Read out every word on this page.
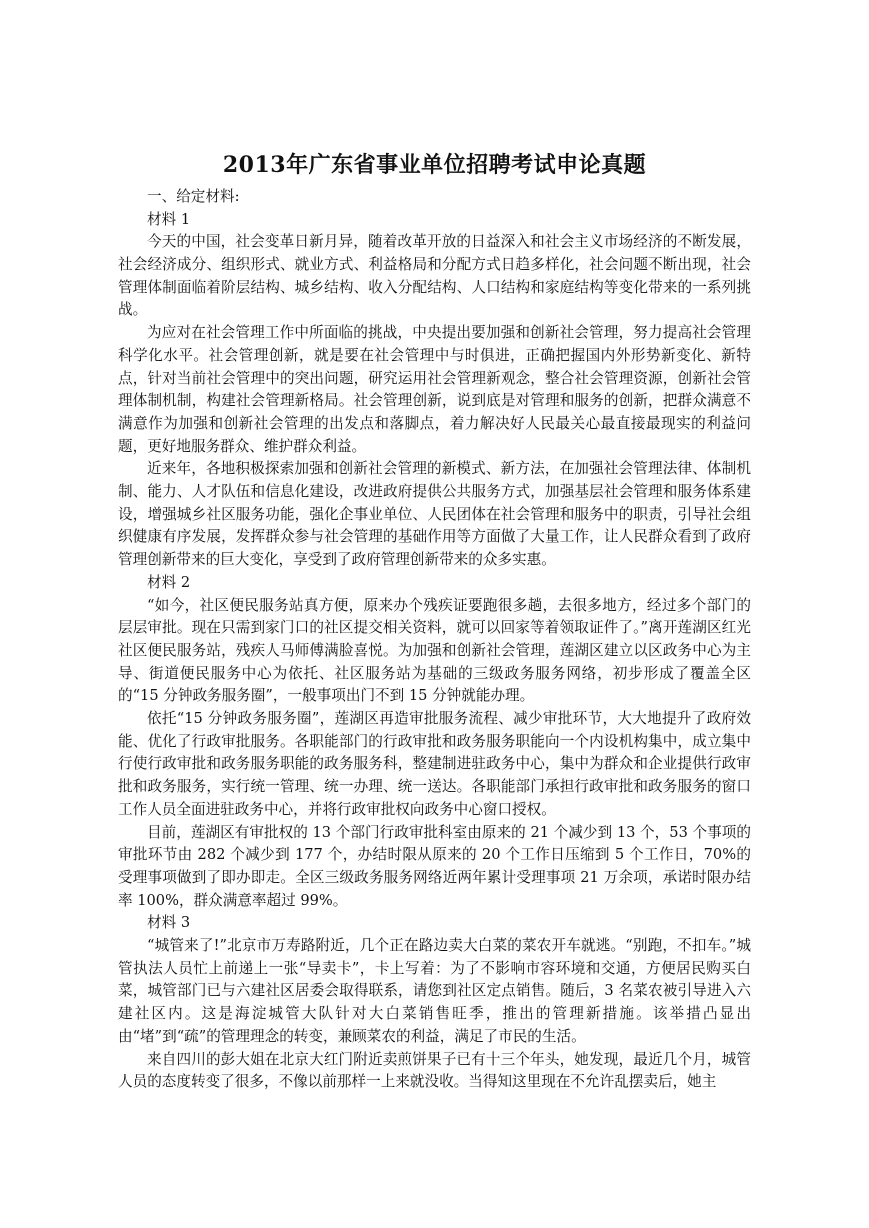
2013年广东省事业单位招聘考试申论真题
一、给定材料:
材料 1

今天的中国，社会变革日新月异，随着改革开放的日益深入和社会主义市场经济的不断发展，社会经济成分、组织形式、就业方式、利益格局和分配方式日趋多样化，社会问题不断出现，社会管理体制面临着阶层结构、城乡结构、收入分配结构、人口结构和家庭结构等变化带来的一系列挑战。

为应对在社会管理工作中所面临的挑战，中央提出要加强和创新社会管理，努力提高社会管理科学化水平。社会管理创新，就是要在社会管理中与时俱进，正确把握国内外形势新变化、新特点，针对当前社会管理中的突出问题，研究运用社会管理新观念，整合社会管理资源，创新社会管理体制机制，构建社会管理新格局。社会管理创新，说到底是对管理和服务的创新，把群众满意不满意作为加强和创新社会管理的出发点和落脚点，着力解决好人民最关心最直接最现实的利益问题，更好地服务群众、维护群众利益。

近来年，各地积极探索加强和创新社会管理的新模式、新方法，在加强社会管理法律、体制机制、能力、人才队伍和信息化建设，改进政府提供公共服务方式，加强基层社会管理和服务体系建设，增强城乡社区服务功能，强化企事业单位、人民团体在社会管理和服务中的职责，引导社会组织健康有序发展，发挥群众参与社会管理的基础作用等方面做了大量工作，让人民群众看到了政府管理创新带来的巨大变化，享受到了政府管理创新带来的众多实惠。

材料 2

“如今，社区便民服务站真方便，原来办个残疾证要跑很多趟，去很多地方，经过多个部门的层层审批。现在只需到家门口的社区提交相关资料，就可以回家等着领取证件了。”离开莲湖区红光社区便民服务站，残疾人马师傅满脸喜悦。为加强和创新社会管理，莲湖区建立以区政务中心为主导、街道便民服务中心为依托、社区服务站为基础的三级政务服务网络，初步形成了覆盖全区的“15 分钟政务服务圈”，一般事项出门不到 15 分钟就能办理。

依托“15 分钟政务服务圈”，莲湖区再造审批服务流程、减少审批环节，大大地提升了政府效能、优化了行政审批服务。各职能部门的行政审批和政务服务职能向一个内设机构集中，成立集中行使行政审批和政务服务职能的政务服务科，整建制进驻政务中心，集中为群众和企业提供行政审批和政务服务，实行统一管理、统一办理、统一送达。各职能部门承担行政审批和政务服务的窗口工作人员全面进驻政务中心，并将行政审批权向政务中心窗口授权。

目前，莲湖区有审批权的 13 个部门行政审批科室由原来的 21 个减少到 13 个，53 个事项的审批环节由 282 个减少到 177 个，办结时限从原来的 20 个工作日压缩到 5 个工作日，70%的受理事项做到了即办即走。全区三级政务服务网络近两年累计受理事项 21 万余项，承诺时限办结率 100%，群众满意率超过 99%。

材料 3

“城管来了!”北京市万寿路附近，几个正在路边卖大白菜的菜农开车就逃。“别跑，不扣车。”城管执法人员忙上前递上一张“导卖卡”，卡上写着：为了不影响市容环境和交通，方便居民购买白菜，城管部门已与六建社区居委会取得联系，请您到社区定点销售。随后，3 名菜农被引导进入六建社区内。这是海淀城管大队针对大白菜销售旺季，推出的管理新措施。该举措凸显出由“堵”到“疏”的管理理念的转变，兼顾菜农的利益，满足了市民的生活。

来自四川的彭大姐在北京大红门附近卖煎饼果子已有十三个年头，她发现，最近几个月，城管人员的态度转变了很多，不像以前那样一上来就没收。当得知这里现在不允许乱摆卖后，她主
